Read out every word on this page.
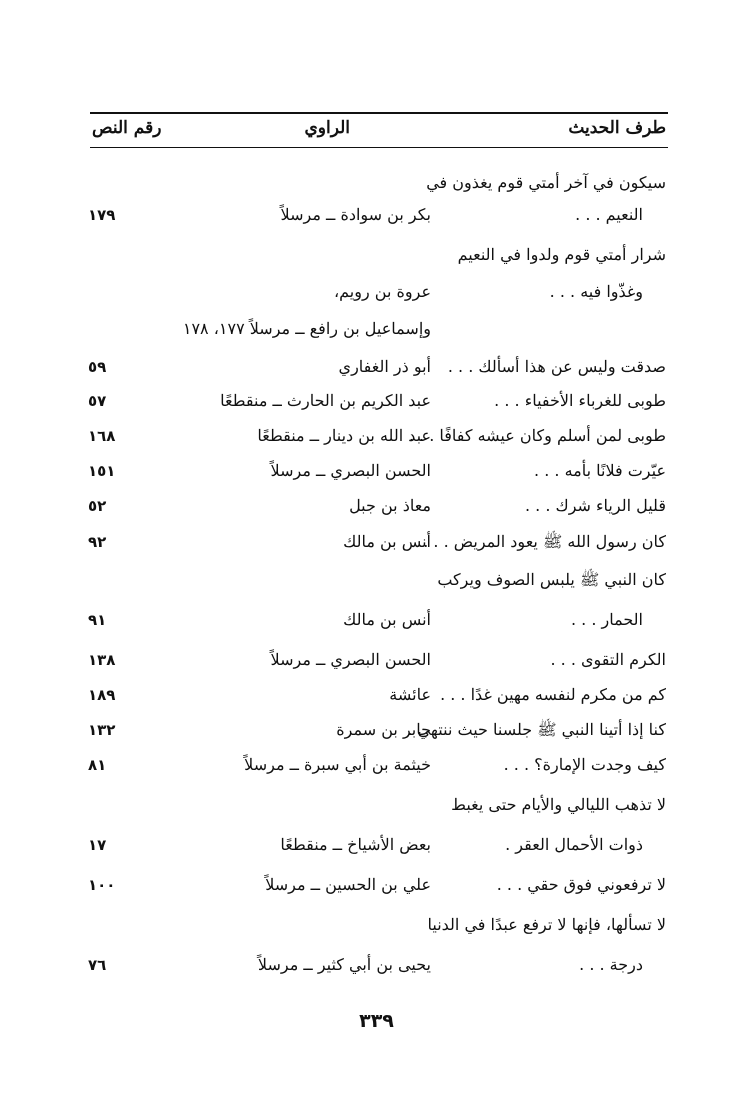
طرف الحديث
الراوي
رقم النص
سيكون في آخر أمتي قوم يغذون في
النعيم . . .
بكر بن سوادة ــ مرسلاً
١٧٩
شرار أمتي قوم ولدوا في النعيم
وغذّوا فيه . . .
عروة بن رويم،
وإسماعيل بن رافع ــ مرسلاً ١٧٧، ١٧٨
صدقت وليس عن هذا أسألك . . .
أبو ذر الغفاري
٥٩
طوبى للغرباء الأخفياء . . .
عبد الكريم بن الحارث ــ منقطعًا
٥٧
طوبى لمن أسلم وكان عيشه كفافًا . . .
عبد الله بن دينار ــ منقطعًا
١٦٨
عيّرت فلانًا بأمه . . .
الحسن البصري ــ مرسلاً
١٥١
قليل الرياء شرك . . .
معاذ بن جبل
٥٢
كان رسول الله ﷺ يعود المريض . . .
أنس بن مالك
٩٢
كان النبي ﷺ يلبس الصوف ويركب
الحمار . . .
أنس بن مالك
٩١
الكرم التقوى . . .
الحسن البصري ــ مرسلاً
١٣٨
كم من مكرم لنفسه مهين غدًا . . .
عائشة
١٨٩
كنا إذا أتينا النبي ﷺ جلسنا حيث ننتهي .
جابر بن سمرة
١٣٢
كيف وجدت الإمارة؟ . . .
خيثمة بن أبي سبرة ــ مرسلاً
٨١
لا تذهب الليالي والأيام حتى يغبط
ذوات الأحمال العقر .
بعض الأشياخ ــ منقطعًا
١٧
لا ترفعوني فوق حقي . . .
علي بن الحسين ــ مرسلاً
١٠٠
لا تسألها، فإنها لا ترفع عبدًا في الدنيا
درجة . . .
يحيى بن أبي كثير ــ مرسلاً
٧٦
٣٣٩
